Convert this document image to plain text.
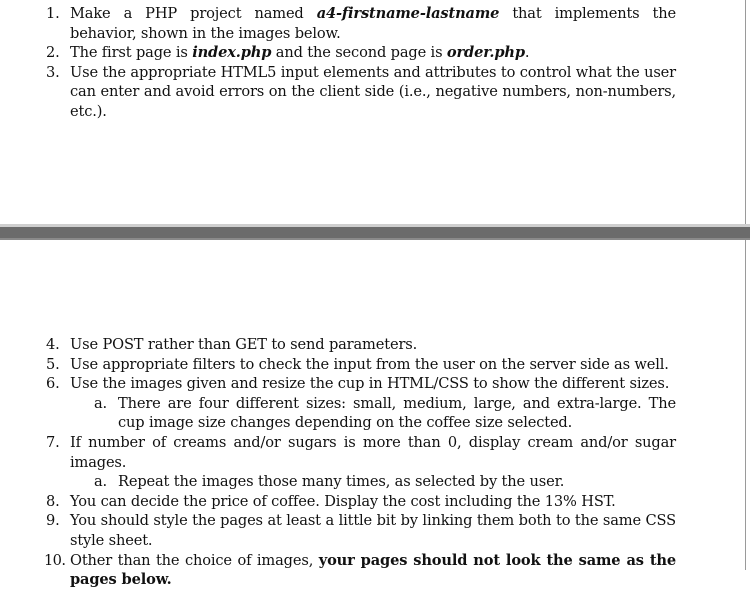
1. Make a PHP project named a4-firstname-lastname that implements the behavior, shown in the images below.
2. The first page is index.php and the second page is order.php.
3. Use the appropriate HTML5 input elements and attributes to control what the user can enter and avoid errors on the client side (i.e., negative numbers, non-numbers, etc.).
4. Use POST rather than GET to send parameters.
5. Use appropriate filters to check the input from the user on the server side as well.
6. Use the images given and resize the cup in HTML/CSS to show the different sizes.
a. There are four different sizes: small, medium, large, and extra-large. The cup image size changes depending on the coffee size selected.
7. If number of creams and/or sugars is more than 0, display cream and/or sugar images.
a. Repeat the images those many times, as selected by the user.
8. You can decide the price of coffee. Display the cost including the 13% HST.
9. You should style the pages at least a little bit by linking them both to the same CSS style sheet.
10. Other than the choice of images, your pages should not look the same as the pages below.
